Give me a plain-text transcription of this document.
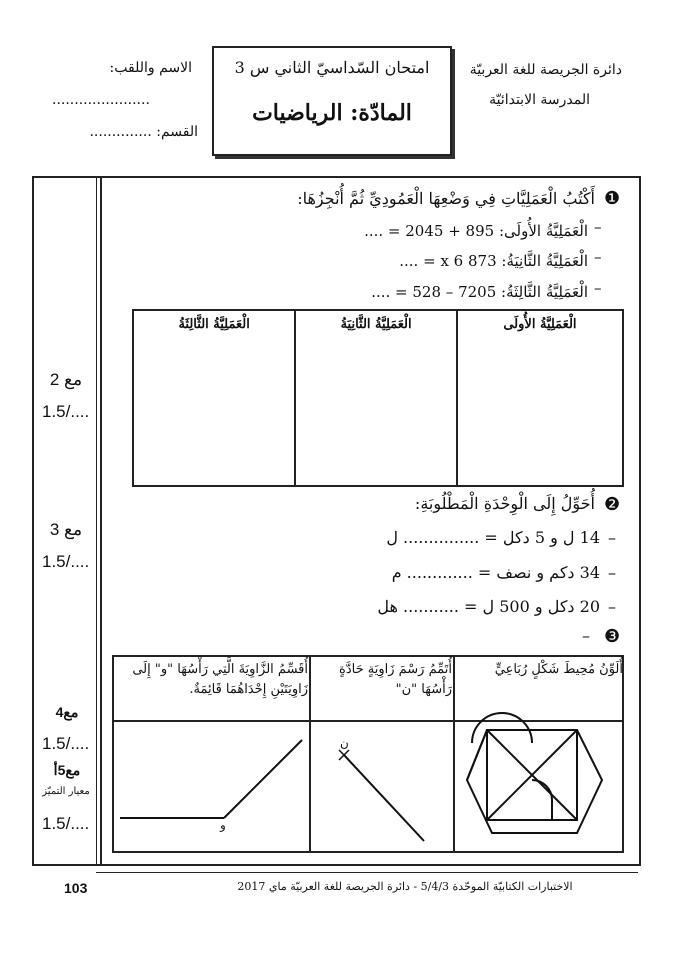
الاسم واللقب:
......................
القسم: ..............
امتحان السّداسيّ الثاني س 3
المادّة: الرياضيات
دائرة الجريصة للغة العربيّة
المدرسة الابتدائيّة
❶
أَكْتُبُ الْعَمَلِيَّاتِ فِي وَضْعِهَا الْعَمُودِيِّ ثُمَّ أُنْجِزُهَا:
الْعَمَلِيَّةُ الأُولَى: 895 + 2045 = ....
الْعَمَلِيَّةُ الثَّانِيَةُ: 873 x 6 = ....
الْعَمَلِيَّةُ الثَّالِثَةُ: 7205 – 528 = ....
–
–
–
الْعَمَلِيَّةُ الأُولَى	الْعَمَلِيَّةُ الثَّانِيَةُ	الْعَمَلِيَّةُ الثَّالِثَةُ
❷
أُحَوِّلُ إِلَى الْوِحْدَةِ الْمَطْلُوبَةِ:
14 ل و 5 دكل = ............... ل
34 دكم و نصف = ............. م
20 دكل و 500 ل = ........... هل
–
–
–
❸
–
أُلَوِّنُ مُحِيطَ شَكْلٍ رُبَاعِيٍّ
أُتَمِّمُ رَسْمَ زَاوِيَةٍ حَادَّةٍ رَأْسُهَا "ن"
أُقَسِّمُ الزَّاوِيَةَ الَّتِي رَأْسُهَا "و" إِلَى زَاوِيَتَيْنِ إِحْدَاهُمَا قَائِمَةٌ.
ن
و
مع 2
1.5/....
مع 3
1.5/....
مع4
1.5/....
مع5أ
معيار التميّز
1.5/....
103	الاختبارات الكتابيّة الموحّدة 5/4/3 - دائرة الجريصة للغة العربيّة ماي 2017
